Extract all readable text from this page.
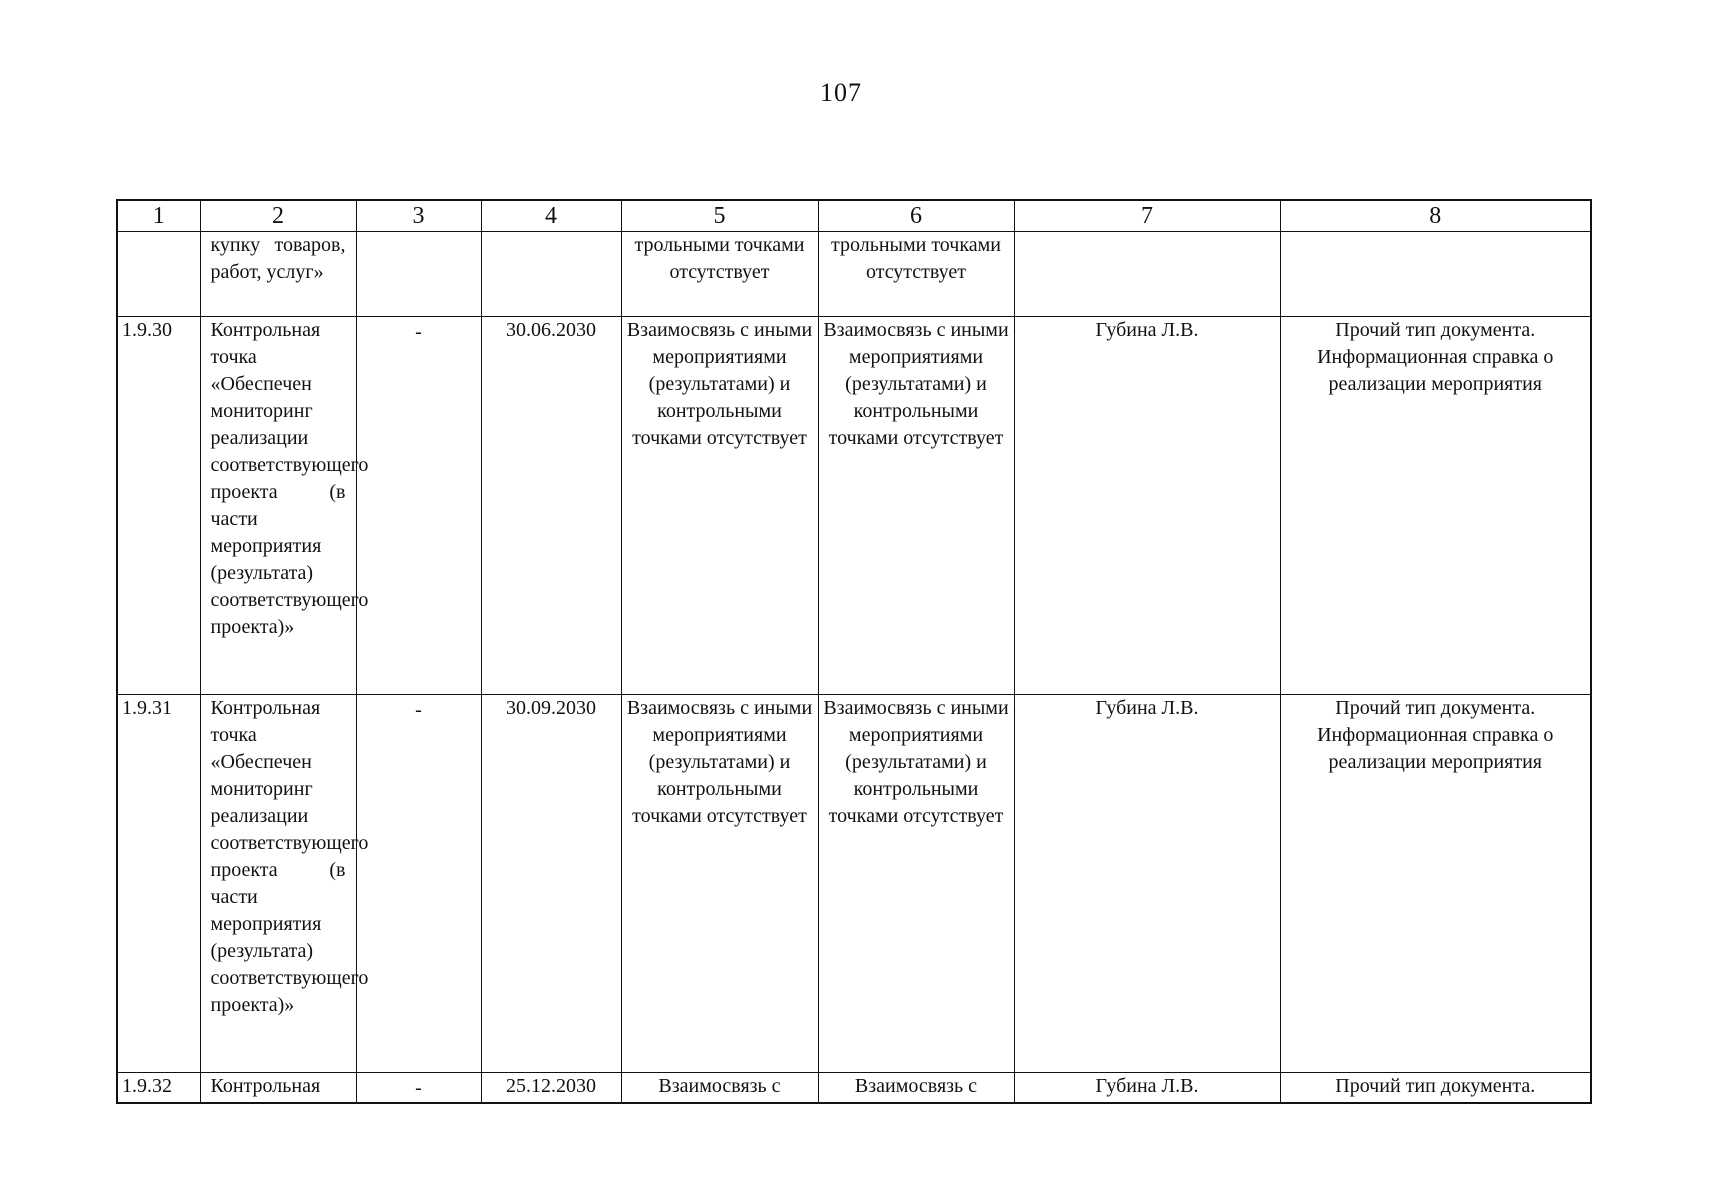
107
1	2	3	4	5	6	7	8
	купку товаров, работ, услуг»			трольными точками отсутствует	трольными точками отсутствует		
1.9.30	Контрольная точка «Обеспечен мониторинг реализации соответствующего проекта (в части мероприятия (результата) соответствующего проекта)»	-	30.06.2030	Взаимосвязь с иными мероприятиями (результатами) и контрольными точками отсутствует	Взаимосвязь с иными мероприятиями (результатами) и контрольными точками отсутствует	Губина Л.В.	Прочий тип документа. Информационная справка о реализации мероприятия
1.9.31	Контрольная точка «Обеспечен мониторинг реализации соответствующего проекта (в части мероприятия (результата) соответствующего проекта)»	-	30.09.2030	Взаимосвязь с иными мероприятиями (результатами) и контрольными точками отсутствует	Взаимосвязь с иными мероприятиями (результатами) и контрольными точками отсутствует	Губина Л.В.	Прочий тип документа. Информационная справка о реализации мероприятия
1.9.32	Контрольная	-	25.12.2030	Взаимосвязь с	Взаимосвязь с	Губина Л.В.	Прочий тип документа.
